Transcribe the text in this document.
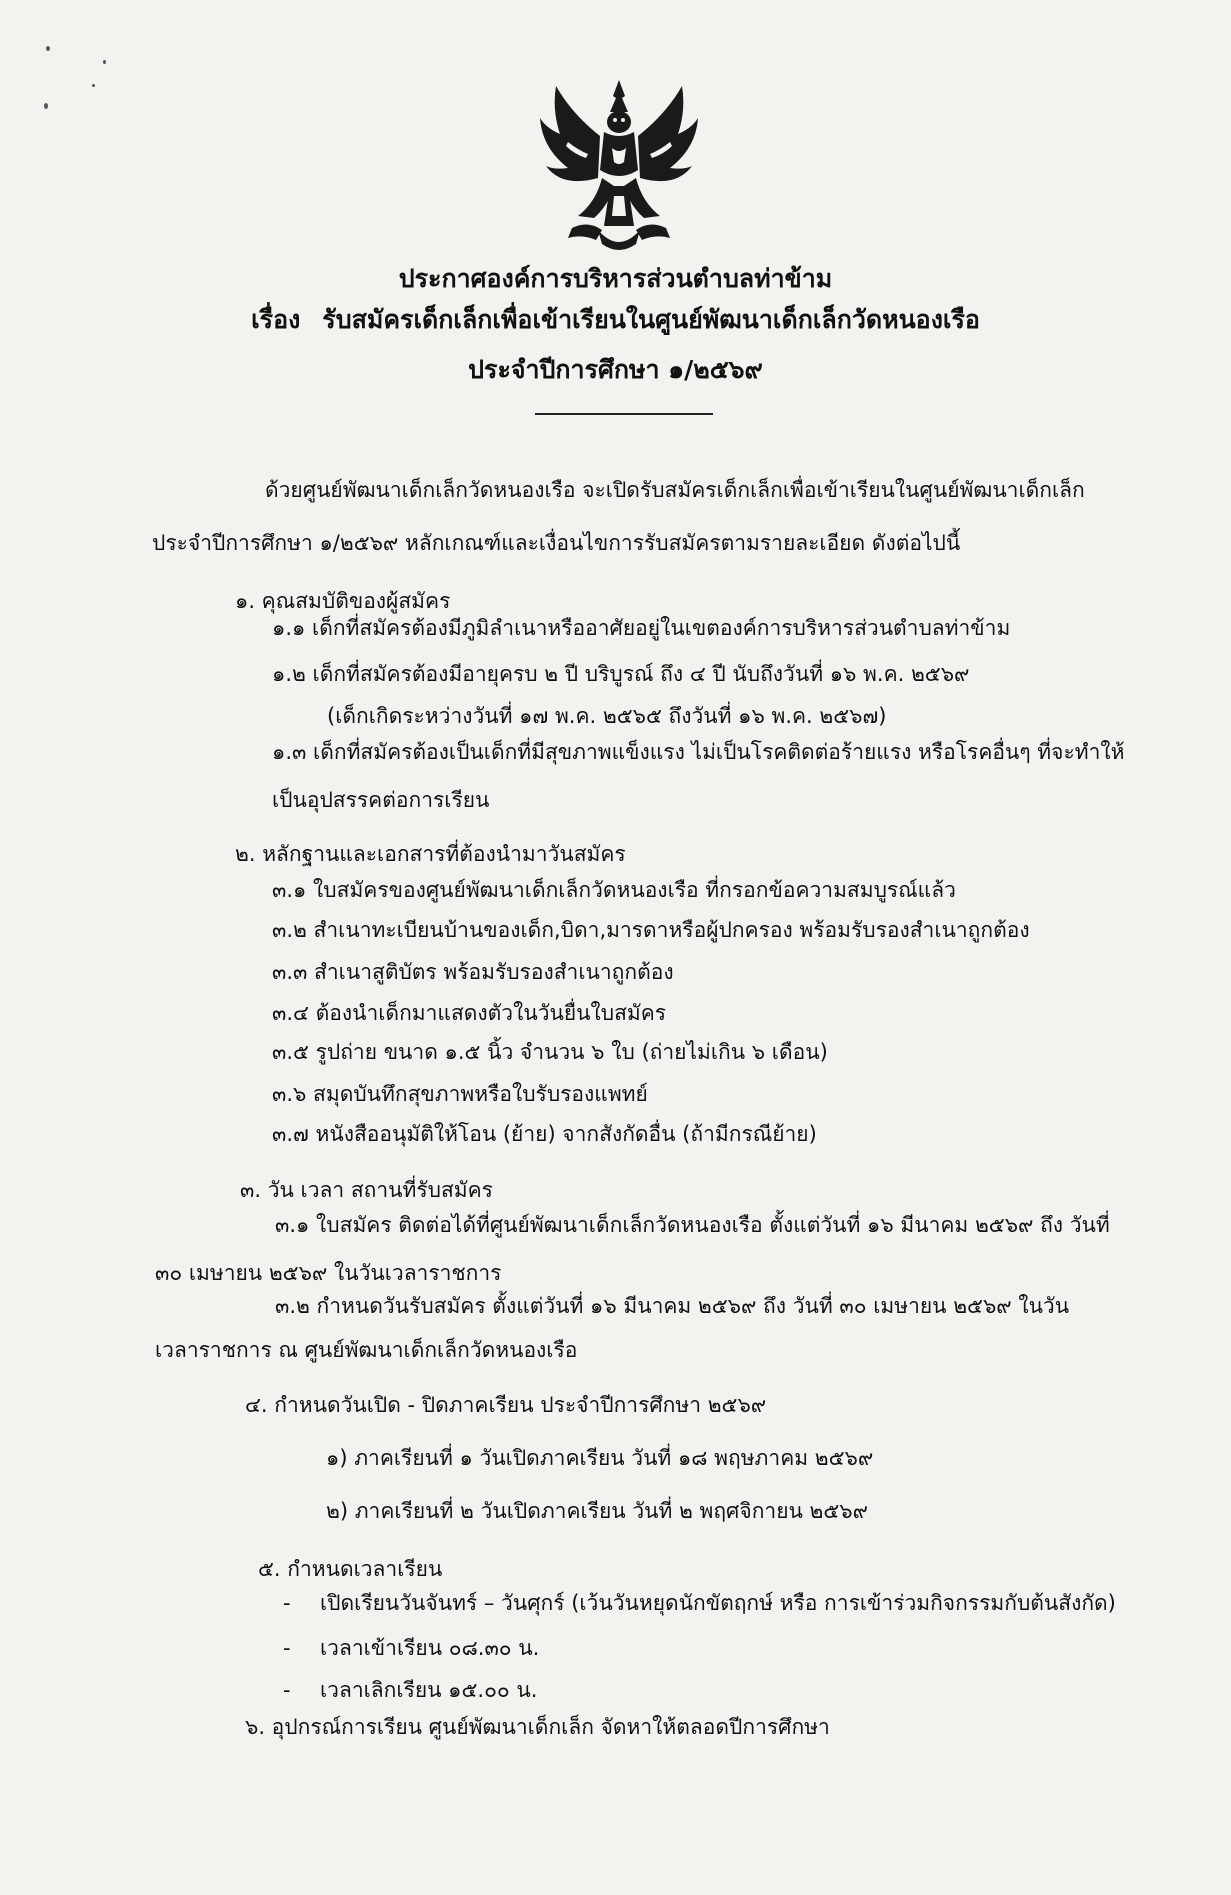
ประกาศองค์การบริหารส่วนตำบลท่าข้าม
เรื่อง รับสมัครเด็กเล็กเพื่อเข้าเรียนในศูนย์พัฒนาเด็กเล็กวัดหนองเรือ
ประจำปีการศึกษา ๑/๒๕๖๙
ด้วยศูนย์พัฒนาเด็กเล็กวัดหนองเรือ จะเปิดรับสมัครเด็กเล็กเพื่อเข้าเรียนในศูนย์พัฒนาเด็กเล็ก
ประจำปีการศึกษา ๑/๒๕๖๙ หลักเกณฑ์และเงื่อนไขการรับสมัครตามรายละเอียด ดังต่อไปนี้
๑. คุณสมบัติของผู้สมัคร
๑.๑ เด็กที่สมัครต้องมีภูมิลำเนาหรืออาศัยอยู่ในเขตองค์การบริหารส่วนตำบลท่าข้าม
๑.๒ เด็กที่สมัครต้องมีอายุครบ ๒ ปี บริบูรณ์ ถึง ๔ ปี นับถึงวันที่ ๑๖ พ.ค. ๒๕๖๙
(เด็กเกิดระหว่างวันที่ ๑๗ พ.ค. ๒๕๖๕ ถึงวันที่ ๑๖ พ.ค. ๒๕๖๗)
๑.๓ เด็กที่สมัครต้องเป็นเด็กที่มีสุขภาพแข็งแรง ไม่เป็นโรคติดต่อร้ายแรง หรือโรคอื่นๆ ที่จะทำให้
เป็นอุปสรรคต่อการเรียน
๒. หลักฐานและเอกสารที่ต้องนำมาวันสมัคร
๓.๑ ใบสมัครของศูนย์พัฒนาเด็กเล็กวัดหนองเรือ ที่กรอกข้อความสมบูรณ์แล้ว
๓.๒ สำเนาทะเบียนบ้านของเด็ก,บิดา,มารดาหรือผู้ปกครอง พร้อมรับรองสำเนาถูกต้อง
๓.๓ สำเนาสูติบัตร พร้อมรับรองสำเนาถูกต้อง
๓.๔ ต้องนำเด็กมาแสดงตัวในวันยื่นใบสมัคร
๓.๕ รูปถ่าย ขนาด ๑.๕ นิ้ว จำนวน ๖ ใบ (ถ่ายไม่เกิน ๖ เดือน)
๓.๖ สมุดบันทึกสุขภาพหรือใบรับรองแพทย์
๓.๗ หนังสืออนุมัติให้โอน (ย้าย) จากสังกัดอื่น (ถ้ามีกรณีย้าย)
๓. วัน เวลา สถานที่รับสมัคร
๓.๑ ใบสมัคร ติดต่อได้ที่ศูนย์พัฒนาเด็กเล็กวัดหนองเรือ ตั้งแต่วันที่ ๑๖ มีนาคม ๒๕๖๙ ถึง วันที่
๓๐ เมษายน ๒๕๖๙ ในวันเวลาราชการ
๓.๒ กำหนดวันรับสมัคร ตั้งแต่วันที่ ๑๖ มีนาคม ๒๕๖๙ ถึง วันที่ ๓๐ เมษายน ๒๕๖๙ ในวัน
เวลาราชการ ณ ศูนย์พัฒนาเด็กเล็กวัดหนองเรือ
๔. กำหนดวันเปิด - ปิดภาคเรียน ประจำปีการศึกษา ๒๕๖๙
๑) ภาคเรียนที่ ๑ วันเปิดภาคเรียน วันที่ ๑๘ พฤษภาคม ๒๕๖๙
๒) ภาคเรียนที่ ๒ วันเปิดภาคเรียน วันที่ ๒ พฤศจิกายน ๒๕๖๙
๕. กำหนดเวลาเรียน
- เปิดเรียนวันจันทร์ – วันศุกร์ (เว้นวันหยุดนักขัตฤกษ์ หรือ การเข้าร่วมกิจกรรมกับต้นสังกัด)
- เวลาเข้าเรียน ๐๘.๓๐ น.
- เวลาเลิกเรียน ๑๕.๐๐ น.
๖. อุปกรณ์การเรียน ศูนย์พัฒนาเด็กเล็ก จัดหาให้ตลอดปีการศึกษา
